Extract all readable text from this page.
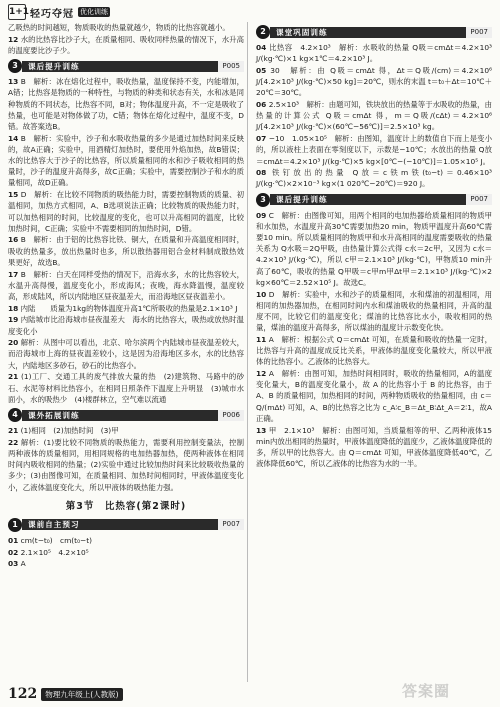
1+1 轻巧夺冠 优化训练
乙吸热的时间越短，物质吸收的热量就越少，物质的比热容就越小。
12 水的比热容比沙子大，在质量相同、吸收同样热量的情况下，水升高的温度要比沙子少。
3	课后提升训练	P005
13 B　解析：冰在熔化过程中，吸收热量，温度保持不变，内能增加，A错；比热容是物质的一种特性，与物质的种类和状态有关，水和冰是同种物质的不同状态，比热容不同，B对；物体温度升高，不一定是吸收了热量，也可能是对物体做了功，C错；物体在熔化过程中，温度不变，D错。故答案选B。
14 B　解析：实验中，沙子和水吸收热量的多少是通过加热时间来反映的，故A正确；实验中，用酒精灯加热时，要使用外焰加热，故B错误；水的比热容大于沙子的比热容，所以质量相同的水和沙子吸收相同的热量时，沙子的温度升高得多，故C正确；实验中，需要控制沙子和水的质量相同，故D正确。
15 D　解析：在比较不同物质的吸热能力时，需要控制物质的质量、初温相同，加热方式相同，A、B选项说法正确；比较物质的吸热能力时，可以加热相同的时间，比较温度的变化，也可以升高相同的温度，比较加热时间，C正确；实验中不需要相同的加热时间，D错。
16 B　解析：由于铝的比热容比铁、铜大，在质量和升高温度相同时，吸收的热量多，放出热量时也多，所以散热器用铝合金材料制成散热效果更好，故选B。
17 B　解析：白天在同样受热的情况下，沿海水多，水的比热容较大，水温升高得慢，温度变化小，形成海风；夜晚，海水降温慢，温度较高，形成陆风，所以内陆地区昼夜温差大，而沿海地区昼夜温差小。
18 内陆　　质量为1kg的物体温度升高1℃所吸收的热量是2.1×10³ J
19 内陆城市比沿海城市昼夜温差大　海水的比热容大，吸热或放热时温度变化小
20 解析：从图中可以看出，北京、哈尔滨两个内陆城市昼夜温差较大，而沿海城市上海的昼夜温差较小，这是因为沿海地区多水，水的比热容大，内陆地区多砂石，砂石的比热容小。
21 (1)工厂、交通工具的废气排放大量的热　(2)建筑物、马路中的砂石、水泥等材料比热容小，在相同日照条件下温度上升明显　(3)城市水面小，水的吸热少　(4)楼群林立，空气难以流通
4	课外拓展训练	P006
21 (1)相同　(2)加热时间　(3)甲
22 解析：(1)要比较不同物质的吸热能力，需要利用控制变量法，控制两种液体的质量相同，用相同规格的电加热器加热，使两种液体在相同时间内吸收相同的热量；(2)实验中通过比较加热时间来比较吸收热量的多少；(3)由图像可知，在质量相同、加热时间相同时，甲液体温度变化小，乙液体温度变化大，所以甲液体的吸热能力强。
第3节　比热容(第2课时)
1	课前自主预习	P007
01 cm(t−t₀)　cm(t₀−t)
02 2.1×10⁵　4.2×10⁵
03 A
2	课堂巩固训练	P007
04 比热容　4.2×10³　解析：水吸收的热量 Q吸＝cmΔt＝4.2×10³ J/(kg·℃)×1 kg×1℃＝4.2×10³ J。
05 30　解析：由 Q吸＝cmΔt 得，Δt＝Q吸/(cm)＝4.2×10⁶ J/[4.2×10³ J/(kg·℃)×50 kg]＝20℃，则水的末温 t＝t₀＋Δt＝10℃＋20℃＝30℃。
06 2.5×10³　解析：由题可知，铁块放出的热量等于水吸收的热量，由热量的计算公式 Q吸＝cmΔt 得，m＝Q吸/(cΔt)＝4.2×10⁶ J/[4.2×10³ J/(kg·℃)×(60℃−56℃)]＝2.5×10³ kg。
07 −10　1.05×10⁵　解析：由图知，温度计上的数值自下而上是变小的，所以液柱上表面在零刻度以下，示数是−10℃；水放出的热量 Q放＝cmΔt＝4.2×10³ J/(kg·℃)×5 kg×[0℃−(−10℃)]＝1.05×10⁵ J。
08 铁钉放出的热量 Q放＝c铁m铁(t₀−t)＝0.46×10³ J/(kg·℃)×2×10⁻³ kg×(1 020℃−20℃)＝920 J。
3	课后提升训练	P007
09 C　解析：由图像可知，用两个相同的电加热器给质量相同的物质甲和水加热，水温度升高30℃需要加热20 min，物质甲温度升高60℃需要10 min。所以质量相同的物质甲和水升高相同的温度需要吸收的热量关系为 Q水吸＝2Q甲吸，由热量计算公式得 c水＝2c甲，又因为 c水＝4.2×10³ J/(kg·℃)，所以 c甲＝2.1×10³ J/(kg·℃)，甲物质10 min升高了60℃，吸收的热量 Q甲吸＝c甲m甲Δt甲＝2.1×10³ J/(kg·℃)×2 kg×60℃＝2.52×10⁵ J。故选C。
10 D　解析：实验中，水和沙子的质量相同，水和煤油的初温相同，用相同的加热器加热，在相同时间内水和煤油吸收的热量相同，升高的温度不同，比较它们的温度变化；煤油的比热容比水小，吸收相同的热量，煤油的温度升高得多，所以煤油的温度计示数变化快。
11 A　解析：根据公式 Q＝cmΔt 可知，在质量和吸收的热量一定时，比热容与升高的温度成反比关系，甲液体的温度变化量较大，所以甲液体的比热容小。乙液体的比热容大。
12 A　解析：由图可知，加热时间相同时，吸收的热量相同，A的温度变化量大，B的温度变化量小，故 A 的比热容小于 B 的比热容，由于 A、B 的质量相同，加热相同的时间，两种物质吸收的热量相同，由 c＝Q/(mΔt) 可知，A、B的比热容之比为 c_A∶c_B＝Δt_B∶Δt_A＝2∶1，故A正确。
13 甲　2.1×10³　解析：由图可知，当质量相等的甲、乙两种液体15 min内放出相同的热量时，甲液体温度降低的温度少，乙液体温度降低的多，所以甲的比热容大。由 Q＝cmΔt 可知，甲液体温度降低40℃，乙液体降低60℃，所以乙液体的比热容为水的一半。
122	物理九年级上(人教版)	答案圈
